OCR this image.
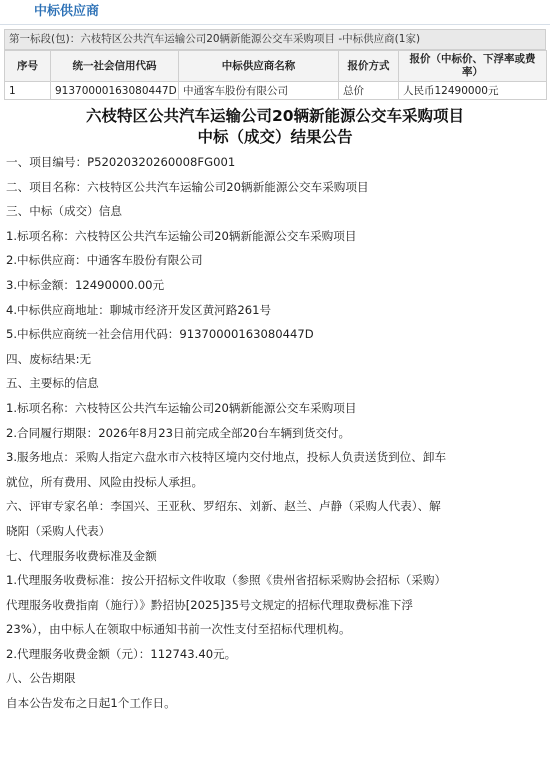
中标供应商
第一标段(包)：六枝特区公共汽车运输公司20辆新能源公交车采购项目 -中标供应商(1家)
序号	统一社会信用代码	中标供应商名称	报价方式	报价（中标价、下浮率或费率）
1	91370000163080447D	中通客车股份有限公司	总价	人民币12490000元
六枝特区公共汽车运输公司20辆新能源公交车采购项目
中标（成交）结果公告

一、项目编号：P52020320260008FG001

二、项目名称：六枝特区公共汽车运输公司20辆新能源公交车采购项目

三、中标（成交）信息

1.标项名称：六枝特区公共汽车运输公司20辆新能源公交车采购项目

2.中标供应商：中通客车股份有限公司

3.中标金额：12490000.00元

4.中标供应商地址：聊城市经济开发区黄河路261号

5.中标供应商统一社会信用代码：91370000163080447D

四、废标结果:无

五、主要标的信息

1.标项名称：六枝特区公共汽车运输公司20辆新能源公交车采购项目

2.合同履行期限：2026年8月23日前完成全部20台车辆到货交付。

3.服务地点：采购人指定六盘水市六枝特区境内交付地点，投标人负责送货到位、卸车

就位，所有费用、风险由投标人承担。

六、评审专家名单：李国兴、王亚秋、罗绍东、刘新、赵兰、卢静（采购人代表）、解

晓阳（采购人代表）

七、代理服务收费标准及金额

1.代理服务收费标准：按公开招标文件收取（参照《贵州省招标采购协会招标（采购）

代理服务收费指南（施行）》黔招协[2025]35号文规定的招标代理取费标准下浮

23%），由中标人在领取中标通知书前一次性支付至招标代理机构。

2.代理服务收费金额（元）：112743.40元。

八、公告期限

自本公告发布之日起1个工作日。
